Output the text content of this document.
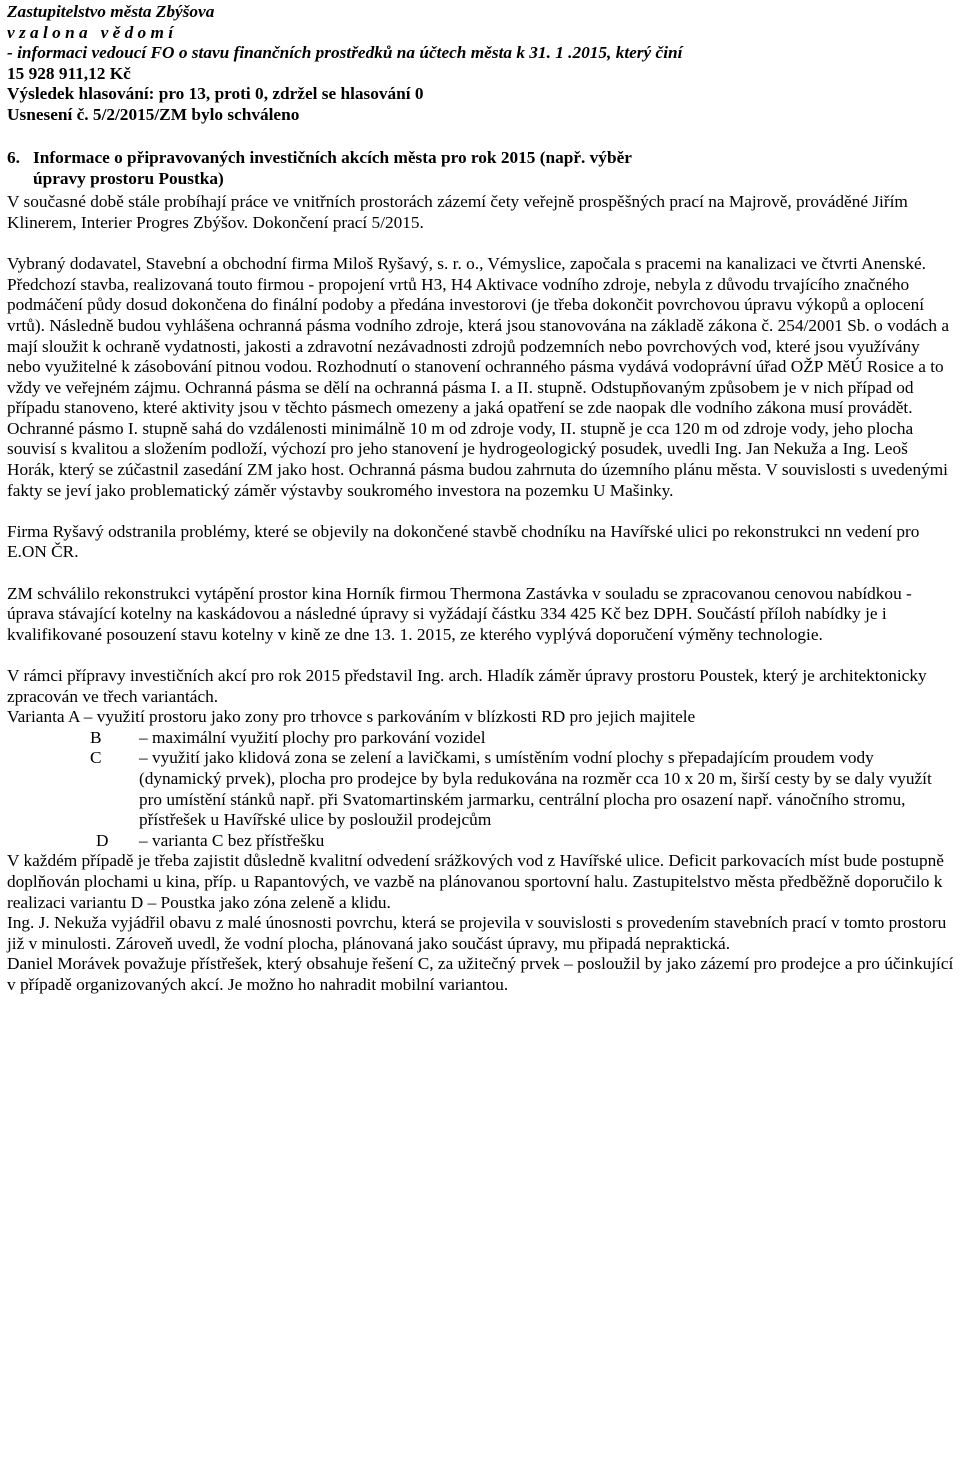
Zastupitelstvo města Zbýšova

v z a l o n a   v ě d o m í

- informaci vedoucí FO o stavu finančních prostředků na účtech města k 31. 1 .2015, který činí

15 928 911,12 Kč

Výsledek hlasování: pro 13, proti 0, zdržel se hlasování 0

Usnesení č. 5/2/2015/ZM bylo schváleno

6. Informace o připravovaných investičních akcích města pro rok 2015 (např. výběr

úpravy prostoru Poustka)

V současné době stále probíhají práce ve vnitřních prostorách zázemí čety veřejně prospěšných prací na Majrově, prováděné Jiřím Klinerem, Interier Progres Zbýšov. Dokončení prací 5/2015.

Vybraný dodavatel, Stavební a obchodní firma Miloš Ryšavý, s. r. o., Vémyslice, započala s pracemi na kanalizaci ve čtvrti Anenské.

Předchozí stavba, realizovaná touto firmou - propojení vrtů H3, H4 Aktivace vodního zdroje, nebyla z důvodu trvajícího značného podmáčení půdy dosud dokončena do finální podoby a předána investorovi (je třeba dokončit povrchovou úpravu výkopů a oplocení vrtů). Následně budou vyhlášena ochranná pásma vodního zdroje, která jsou stanovována na základě zákona č. 254/2001 Sb. o vodách a mají sloužit k ochraně vydatnosti, jakosti a zdravotní nezávadnosti zdrojů podzemních nebo povrchových vod, které jsou využívány nebo využitelné k zásobování pitnou vodou. Rozhodnutí o stanovení ochranného pásma vydává vodoprávní úřad OŽP MěÚ Rosice a to vždy ve veřejném zájmu. Ochranná pásma se dělí na ochranná pásma I. a II. stupně. Odstupňovaným způsobem je v nich případ od případu stanoveno, které aktivity jsou v těchto pásmech omezeny a jaká opatření se zde naopak dle vodního zákona musí provádět. Ochranné pásmo I. stupně sahá do vzdálenosti minimálně 10 m od zdroje vody, II. stupně je cca 120 m od zdroje vody, jeho plocha souvisí s kvalitou a složením podloží, výchozí pro jeho stanovení je hydrogeologický posudek, uvedli Ing. Jan Nekuža a Ing. Leoš Horák, který se zúčastnil zasedání ZM jako host. Ochranná pásma budou zahrnuta do územního plánu města. V souvislosti s uvedenými fakty se jeví jako problematický záměr výstavby soukromého investora na pozemku U Mašinky.

Firma Ryšavý odstranila problémy, které se objevily na dokončené stavbě chodníku na Havířské ulici po rekonstrukci nn vedení pro E.ON ČR.

ZM schválilo rekonstrukci vytápění prostor kina Horník firmou Thermona Zastávka v souladu se zpracovanou cenovou nabídkou - úprava stávající kotelny na kaskádovou a následné úpravy si vyžádají částku 334 425 Kč bez DPH. Součástí příloh nabídky je i kvalifikované posouzení stavu kotelny v kině ze dne 13. 1. 2015, ze kterého vyplývá doporučení výměny technologie.

V rámci přípravy investičních akcí pro rok 2015 představil Ing. arch. Hladík záměr úpravy prostoru Poustek, který je architektonicky zpracován ve třech variantách.

Varianta A – využití prostoru jako zony pro trhovce s parkováním v blízkosti RD pro jejich majitele

B	– maximální využití plochy pro parkování vozidel
C	– využití jako klidová zona se zelení a lavičkami, s umístěním vodní plochy s přepadajícím proudem vody (dynamický prvek), plocha pro prodejce by byla redukována na rozměr cca 10 x 20 m, širší cesty by se daly využít pro umístění stánků např. při Svatomartinském jarmarku, centrální plocha pro osazení např. vánočního stromu, přístřešek u Havířské ulice by posloužil prodejcům
D	– varianta C bez přístřešku

V každém případě je třeba zajistit důsledně kvalitní odvedení srážkových vod z Havířské ulice. Deficit parkovacích míst bude postupně doplňován plochami u kina, příp. u Rapantových, ve vazbě na plánovanou sportovní halu. Zastupitelstvo města předběžně doporučilo k realizaci variantu D – Poustka jako zóna zeleně a klidu.

Ing. J. Nekuža vyjádřil obavu z malé únosnosti povrchu, která se projevila v souvislosti s provedením stavebních prací v tomto prostoru již v minulosti. Zároveň uvedl, že vodní plocha, plánovaná jako součást úpravy, mu připadá nepraktická.

Daniel Morávek považuje přístřešek, který obsahuje řešení C, za užitečný prvek – posloužil by jako zázemí pro prodejce a pro účinkující v případě organizovaných akcí. Je možno ho nahradit mobilní variantou.
